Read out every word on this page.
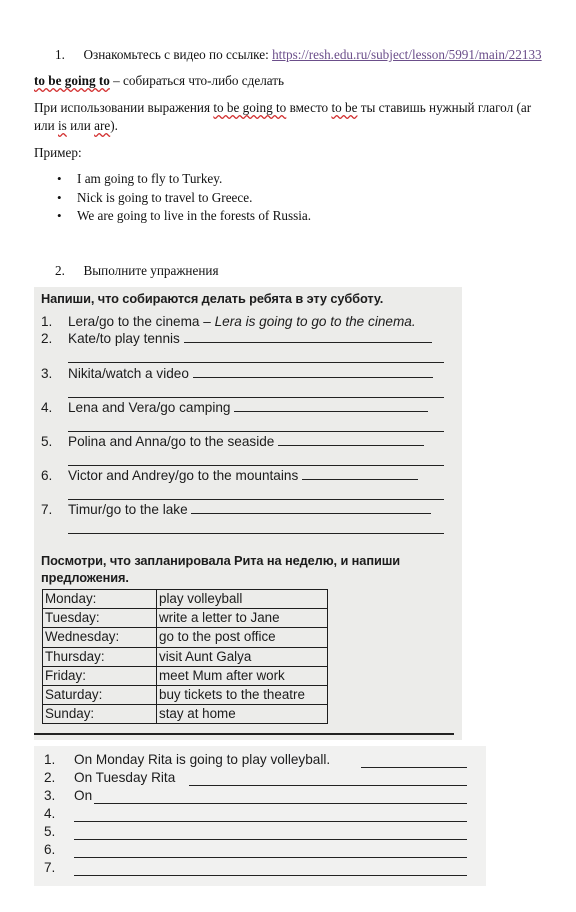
1. Ознакомьтесь с видео по ссылке: https://resh.edu.ru/subject/lesson/5991/main/22133
to be going to – собираться что-либо сделать
При использовании выражения to be going to вместо to be ты ставишь нужный глагол (ar
или is или are).
Пример:
• I am going to fly to Turkey.
• Nick is going to travel to Greece.
• We are going to live in the forests of Russia.
2. Выполните упражнения
Напиши, что собираются делать ребята в эту субботу.
1. Lera/go to the cinema – Lera is going to go to the cinema.
2. Kate/to play tennis
3. Nikita/watch a video
4. Lena and Vera/go camping
5. Polina and Anna/go to the seaside
6. Victor and Andrey/go to the mountains
7. Timur/go to the lake
Посмотри, что запланировала Рита на неделю, и напиши
предложения.
Monday:	play volleyball
Tuesday:	write a letter to Jane
Wednesday:	go to the post office
Thursday:	visit Aunt Galya
Friday:	meet Mum after work
Saturday:	buy tickets to the theatre
Sunday:	stay at home
1. On Monday Rita is going to play volleyball.
2. On Tuesday Rita
3. On
4.
5.
6.
7.
